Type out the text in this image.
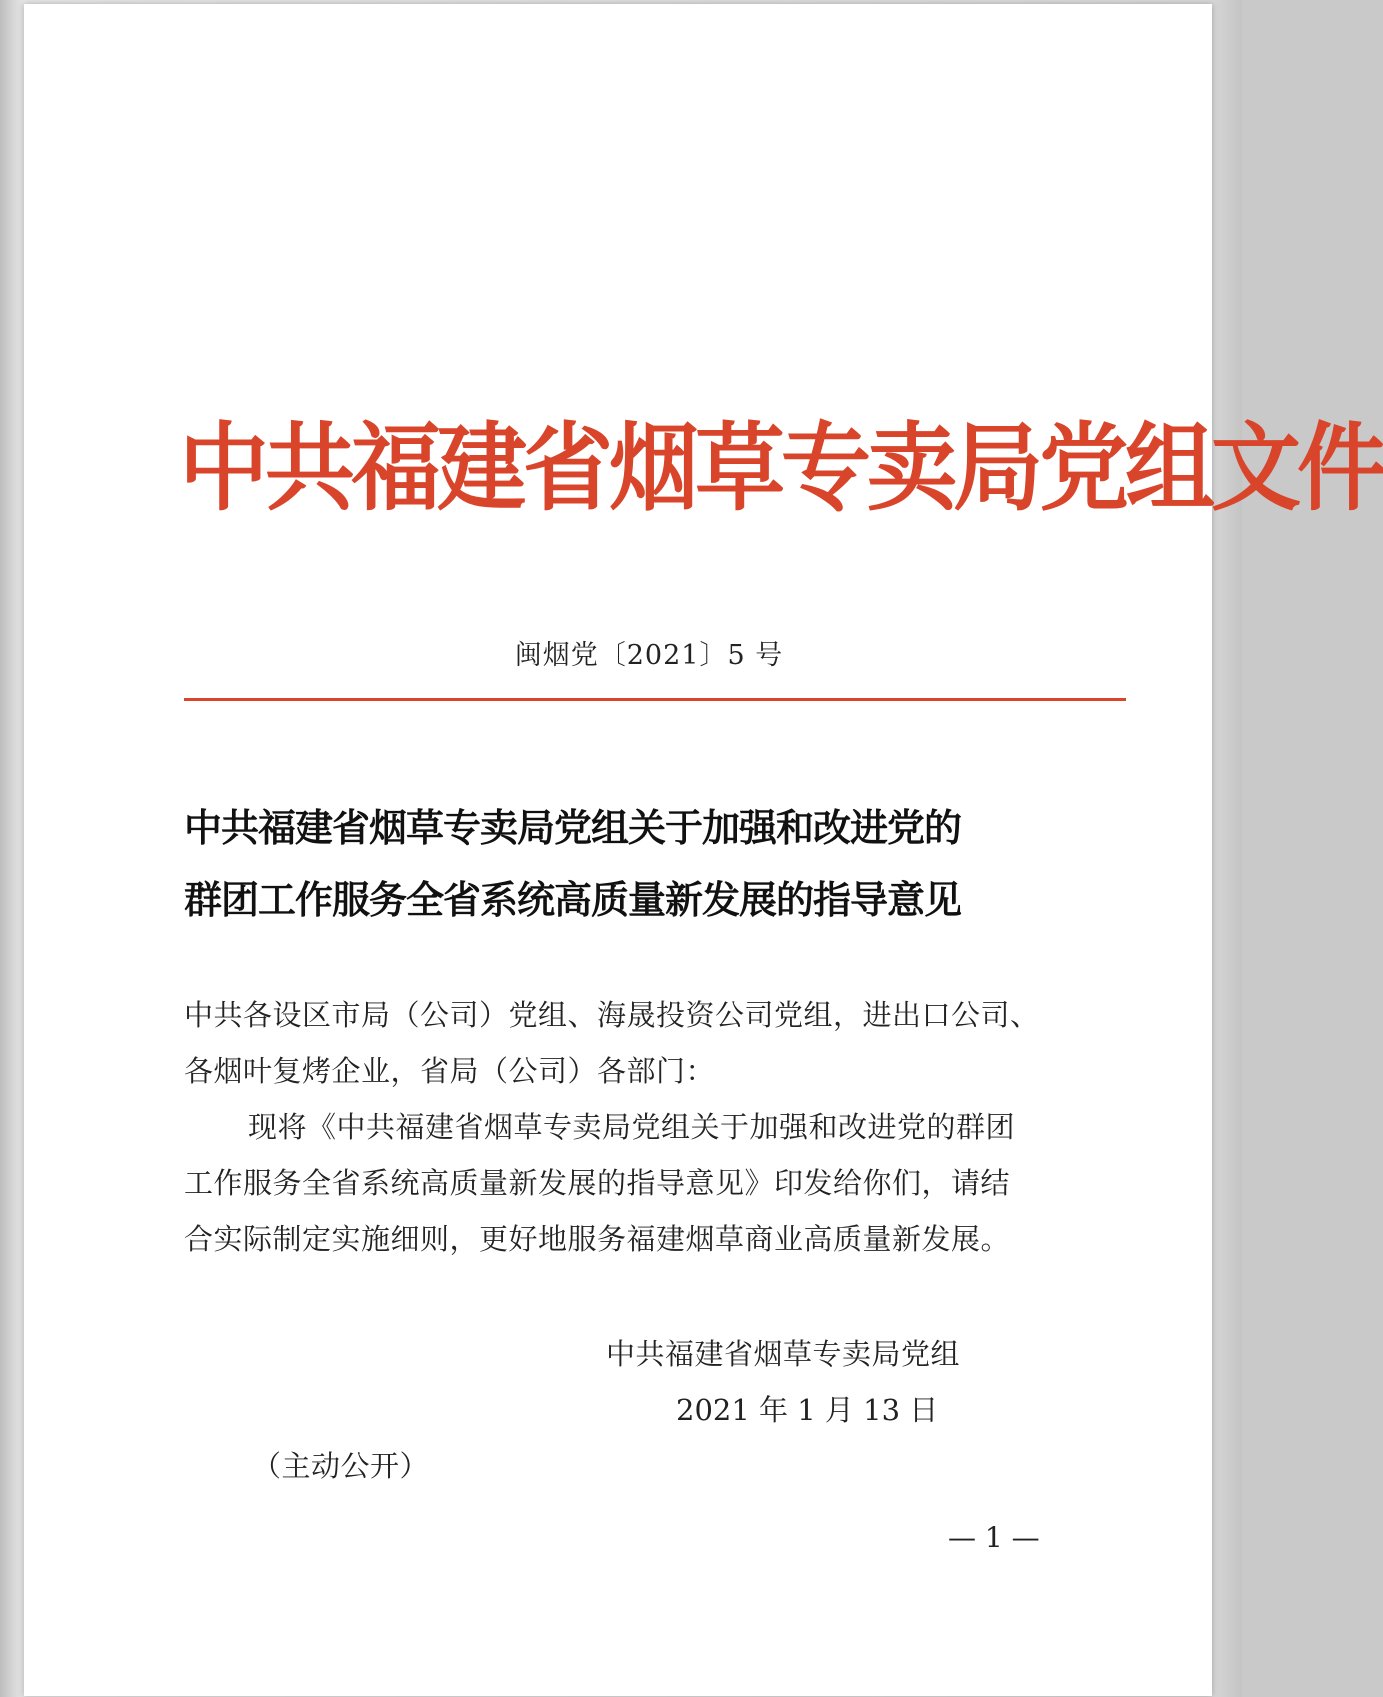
中共福建省烟草专卖局党组文件
闽烟党〔2021〕5 号
中共福建省烟草专卖局党组关于加强和改进党的
群团工作服务全省系统高质量新发展的指导意见
中共各设区市局（公司）党组、海晟投资公司党组，进出口公司、
各烟叶复烤企业，省局（公司）各部门：
现将《中共福建省烟草专卖局党组关于加强和改进党的群团
工作服务全省系统高质量新发展的指导意见》印发给你们，请结
合实际制定实施细则，更好地服务福建烟草商业高质量新发展。
中共福建省烟草专卖局党组
2021 年 1 月 13 日
（主动公开）
— 1 —
